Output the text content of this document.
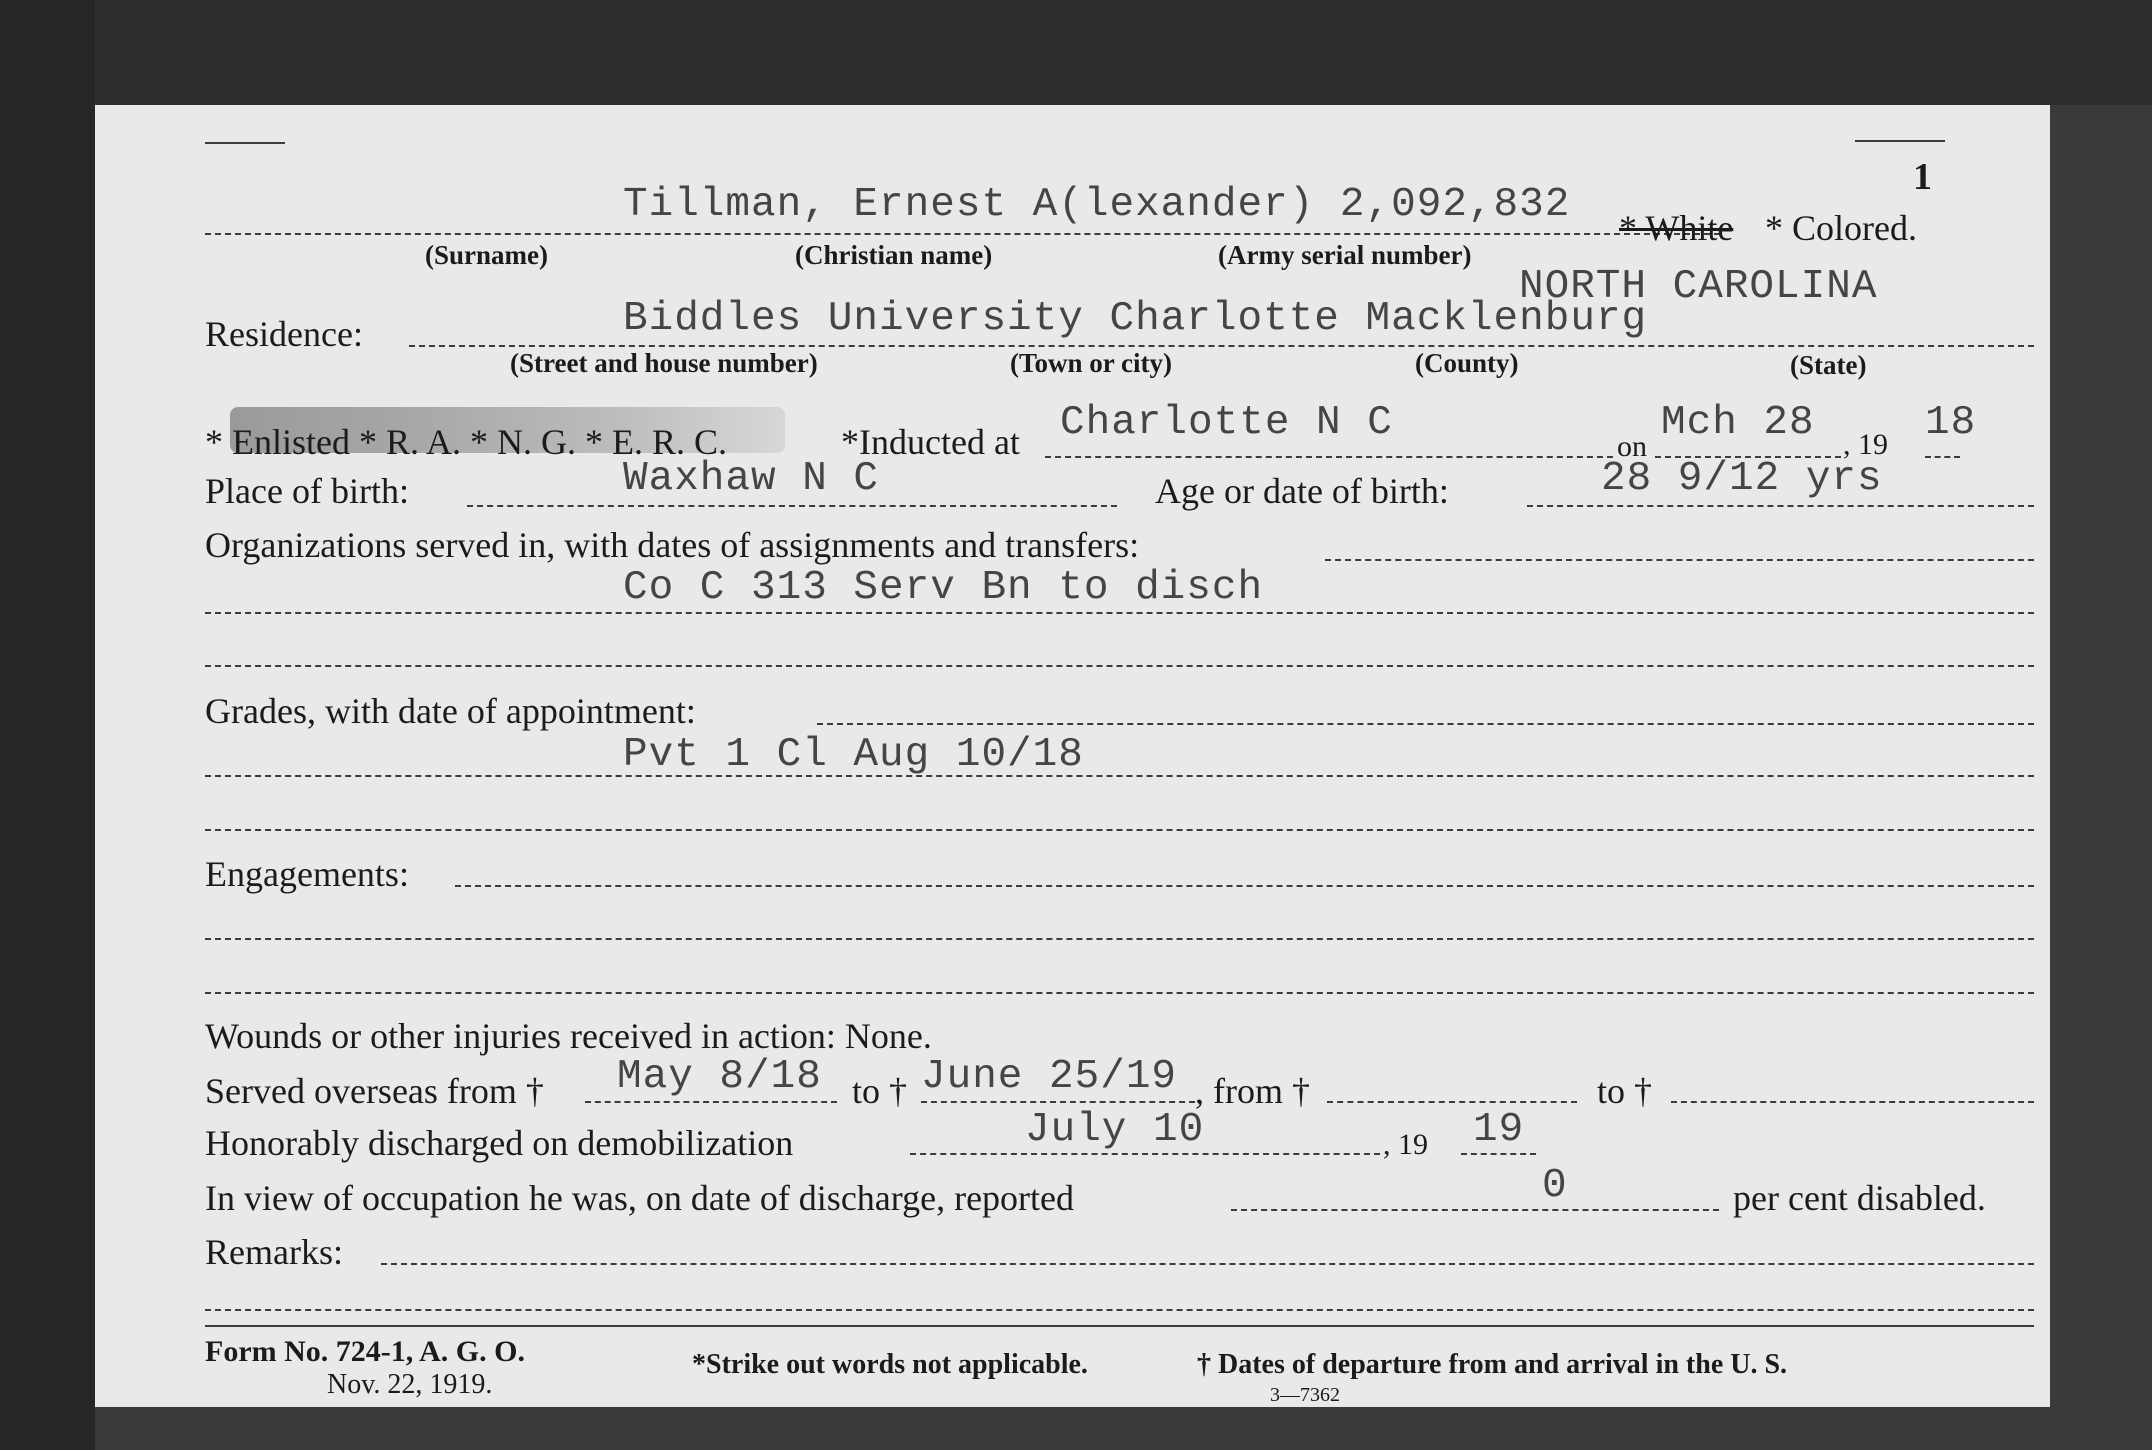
1
Tillman, Ernest A(lexander) 2,092,832 * White * Colored.
(Surname)	(Christian name)	(Army serial number)
Residence:	Biddles University Charlotte Macklenburg
NORTH CAROLINA
(Street and house number)	(Town or city)	(County)	(State)
* Enlisted * R. A. * N. G. * E. R. C.	*Inducted at Charlotte N C
on
Mch 28 , 19 18
Place of birth:	Waxhaw N C	Age or date of birth:	28 9/12 yrs
Organizations served in, with dates of assignments and transfers:
Co C 313 Serv Bn to disch
Grades, with date of appointment:
Pvt 1 Cl Aug 10/18
Engagements:
Wounds or other injuries received in action: None.
Served overseas from † May 8/18 to † June 25/19 , from †	to †
Honorably discharged on demobilization	July 10	, 19 19
In view of occupation he was, on date of discharge, reported	0	per cent disabled.
Remarks:
Form No. 724-1, A. G. O.
Nov. 22, 1919.
*Strike out words not applicable.	† Dates of departure from and arrival in the U. S.
3—7362
